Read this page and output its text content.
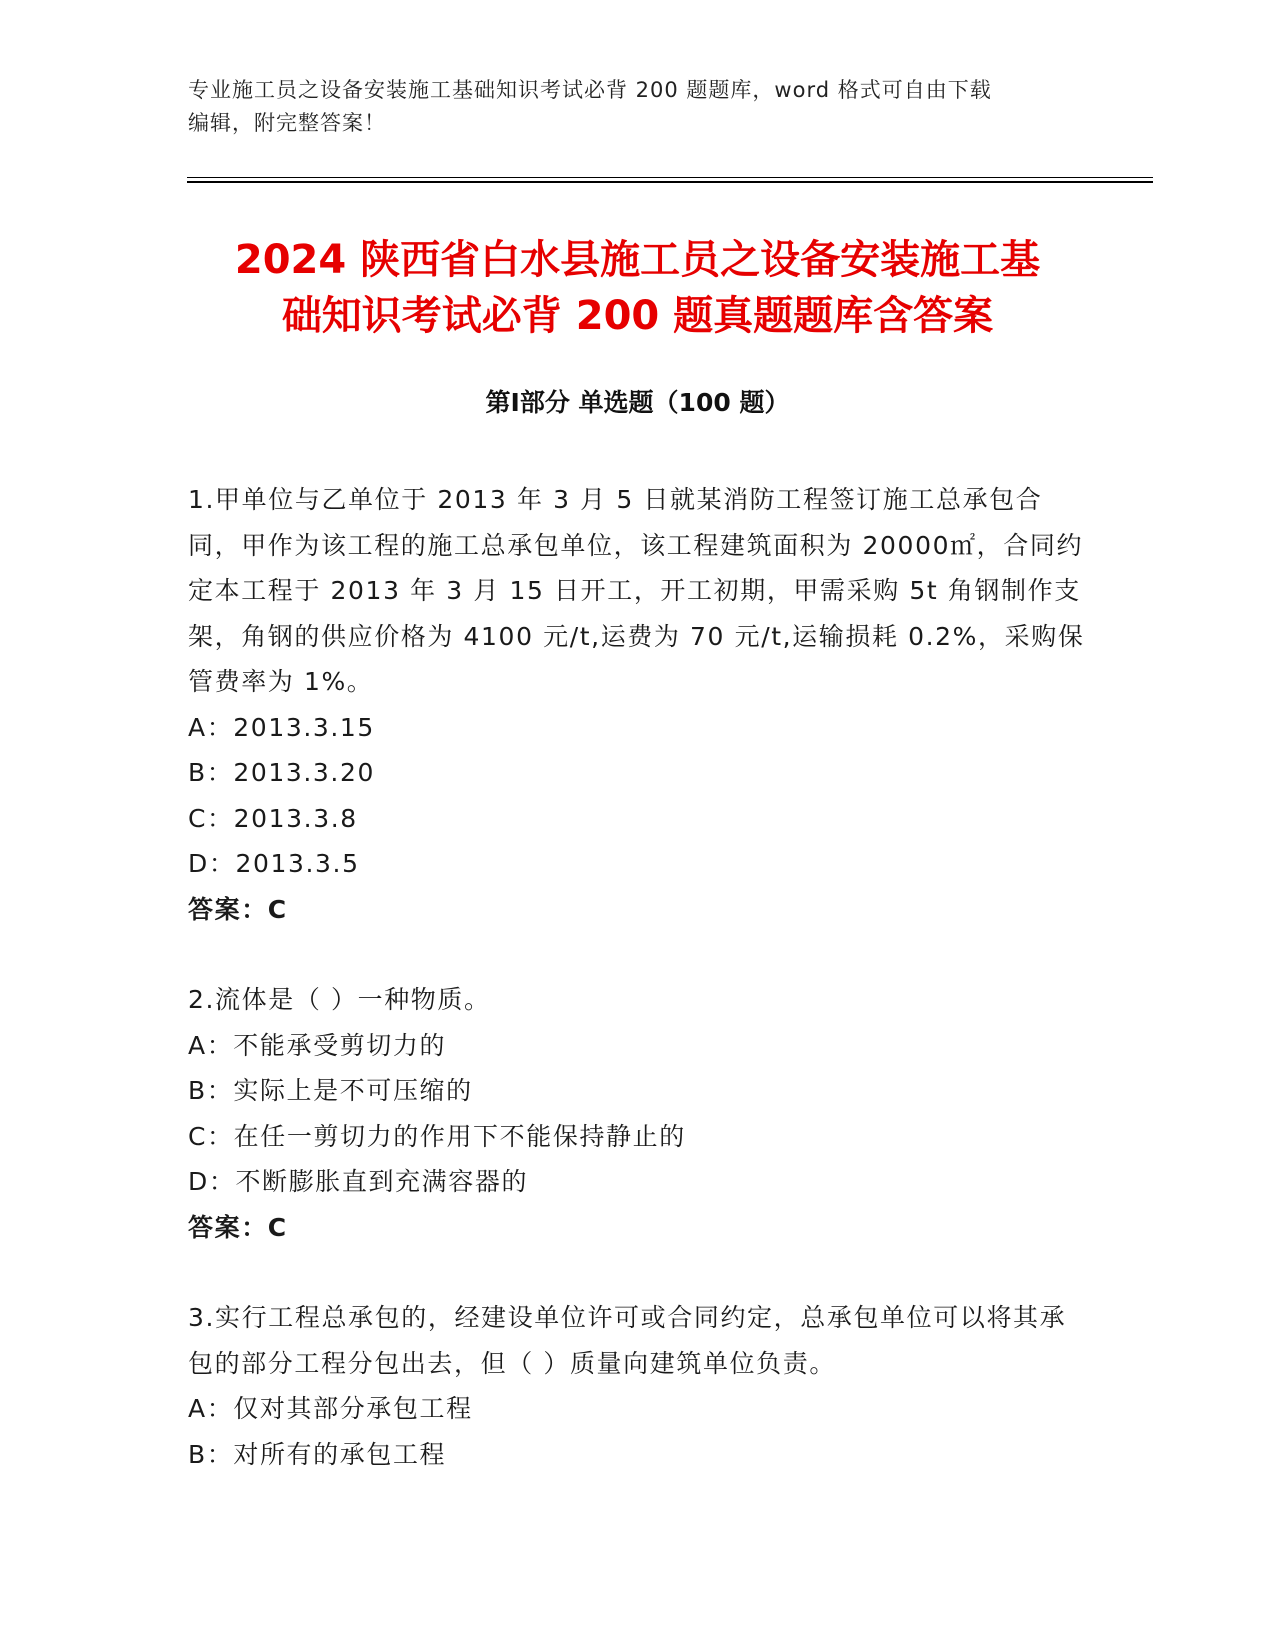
专业施工员之设备安装施工基础知识考试必背 200 题题库，word 格式可自由下载
编辑，附完整答案！
2024 陕西省白水县施工员之设备安装施工基
础知识考试必背 200 题真题题库含答案
第Ⅰ部分 单选题（100 题）

1.甲单位与乙单位于 2013 年 3 月 5 日就某消防工程签订施工总承包合同，甲作为该工程的施工总承包单位，该工程建筑面积为 20000㎡，合同约定本工程于 2013 年 3 月 15 日开工，开工初期，甲需采购 5t 角钢制作支架，角钢的供应价格为 4100 元/t,运费为 70 元/t,运输损耗 0.2%，采购保管费率为 1%。

A：2013.3.15

B：2013.3.20

C：2013.3.8

D：2013.3.5

答案：C

2.流体是（ ）一种物质。

A：不能承受剪切力的

B：实际上是不可压缩的

C：在任一剪切力的作用下不能保持静止的

D：不断膨胀直到充满容器的

答案：C

3.实行工程总承包的，经建设单位许可或合同约定，总承包单位可以将其承包的部分工程分包出去，但（ ）质量向建筑单位负责。

A：仅对其部分承包工程

B：对所有的承包工程
